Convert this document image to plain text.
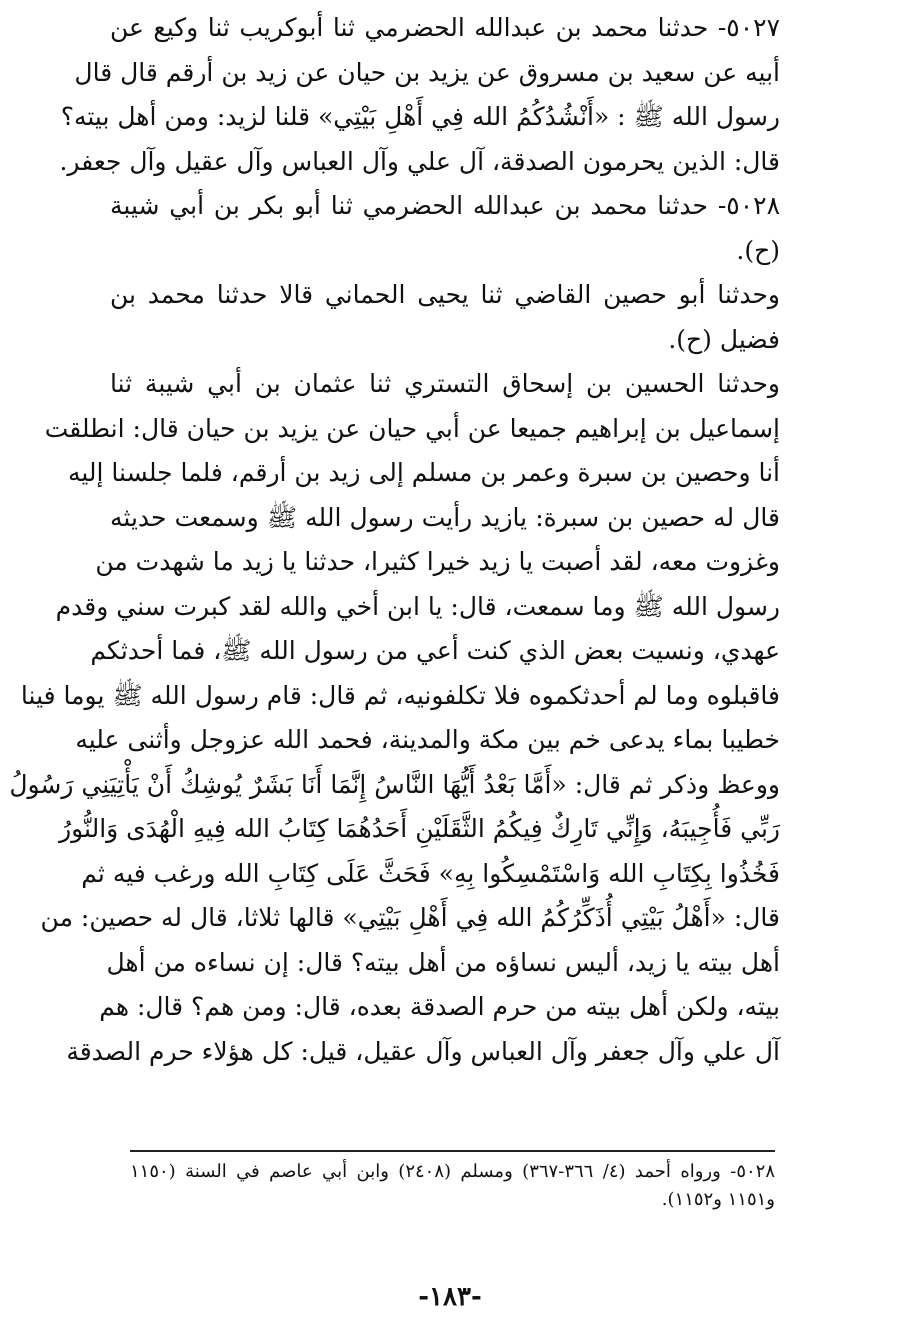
٥٠٢٧- حدثنا محمد بن عبدالله الحضرمي ثنا أبوكريب ثنا وكيع عن
أبيه عن سعيد بن مسروق عن يزيد بن حيان عن زيد بن أرقم قال قال
رسول الله ﷺ : «أَنْشُدُكُمُ الله فِي أَهْلِ بَيْتِي» قلنا لزيد: ومن أهل بيته؟
قال: الذين يحرمون الصدقة، آل علي وآل العباس وآل عقيل وآل جعفر.
٥٠٢٨- حدثنا محمد بن عبدالله الحضرمي ثنا أبو بكر بن أبي شيبة
(ح).
وحدثنا أبو حصين القاضي ثنا يحيى الحماني قالا حدثنا محمد بن
فضيل (ح).
وحدثنا الحسين بن إسحاق التستري ثنا عثمان بن أبي شيبة ثنا
إسماعيل بن إبراهيم جميعا عن أبي حيان عن يزيد بن حيان قال: انطلقت
أنا وحصين بن سبرة وعمر بن مسلم إلى زيد بن أرقم، فلما جلسنا إليه
قال له حصين بن سبرة: يازيد رأيت رسول الله ﷺ وسمعت حديثه
وغزوت معه، لقد أصبت يا زيد خيرا كثيرا، حدثنا يا زيد ما شهدت من
رسول الله ﷺ وما سمعت، قال: يا ابن أخي والله لقد كبرت سني وقدم
عهدي، ونسيت بعض الذي كنت أعي من رسول الله ﷺ، فما أحدثكم
فاقبلوه وما لم أحدثكموه فلا تكلفونيه، ثم قال: قام رسول الله ﷺ يوما فينا
خطيبا بماء يدعى خم بين مكة والمدينة، فحمد الله عزوجل وأثنى عليه
ووعظ وذكر ثم قال: «أَمَّا بَعْدُ أَيُّهَا النَّاسُ إِنَّمَا أَنَا بَشَرٌ يُوشِكُ أَنْ يَأْتِيَنِي رَسُولُ
رَبِّي فَأُجِيبَهُ، وَإِنِّي تَارِكٌ فِيكُمُ الثَّقَلَيْنِ أَحَدُهُمَا كِتَابُ الله فِيهِ الْهُدَى وَالنُّورُ
فَخُذُوا بِكِتَابِ الله وَاسْتَمْسِكُوا بِهِ» فَحَثَّ عَلَى كِتَابِ الله ورغب فيه ثم
قال: «أَهْلُ بَيْتِي أُذَكِّرُكُمُ الله فِي أَهْلِ بَيْتِي» قالها ثلاثا، قال له حصين: من
أهل بيته يا زيد، أليس نساؤه من أهل بيته؟ قال: إن نساءه من أهل
بيته، ولكن أهل بيته من حرم الصدقة بعده، قال: ومن هم؟ قال: هم
آل علي وآل جعفر وآل العباس وآل عقيل، قيل: كل هؤلاء حرم الصدقة
٥٠٢٨- ورواه أحمد (٤/ ٣٦٦-٣٦٧) ومسلم (٢٤٠٨) وابن أبي عاصم في السنة (١١٥٠
و١١٥١ و١١٥٢).
-١٨٣-
